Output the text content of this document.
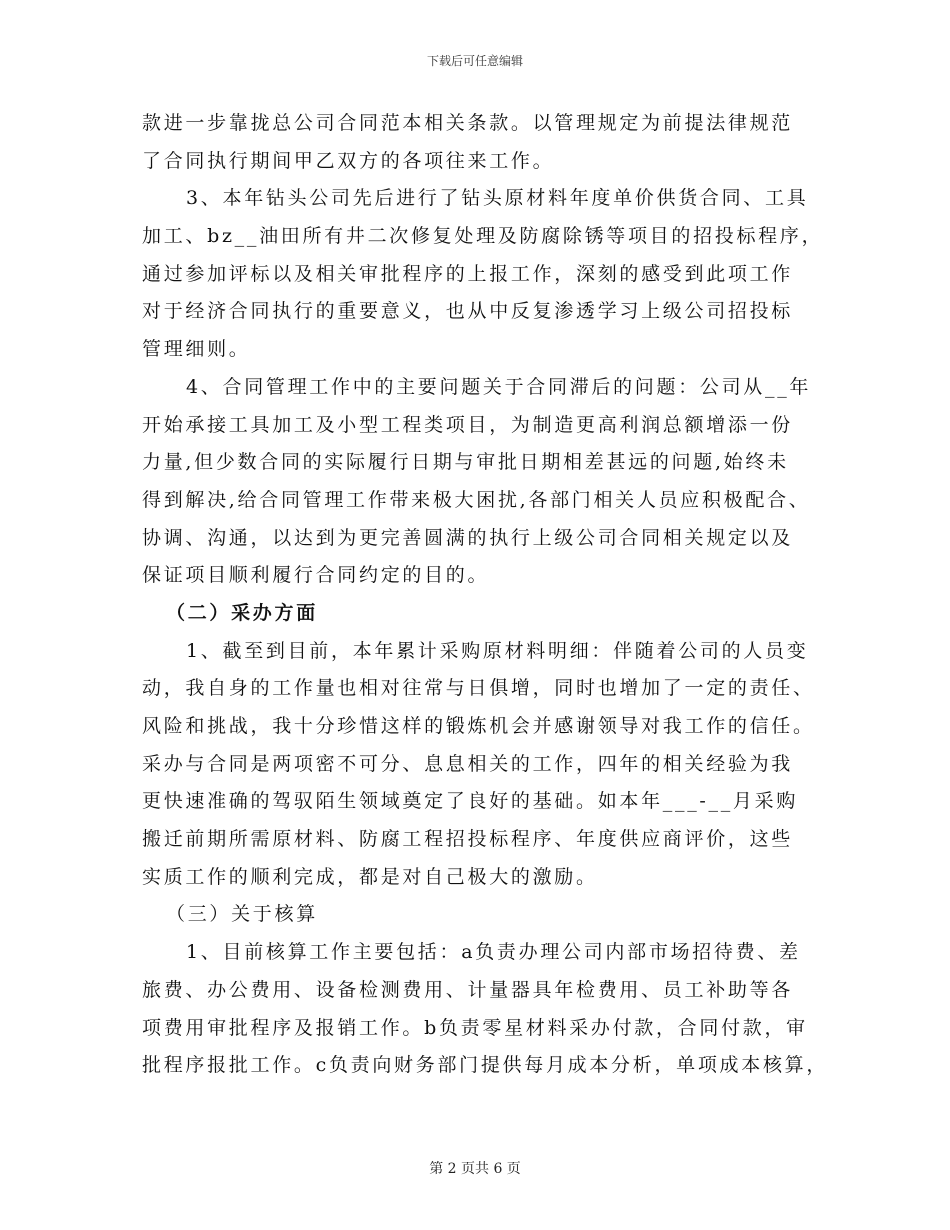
下载后可任意编辑
款进一步靠拢总公司合同范本相关条款。以管理规定为前提法律规范
了合同执行期间甲乙双方的各项往来工作。
3、本年钻头公司先后进行了钻头原材料年度单价供货合同、工具
加工、bz__油田所有井二次修复处理及防腐除锈等项目的招投标程序，
通过参加评标以及相关审批程序的上报工作，深刻的感受到此项工作
对于经济合同执行的重要意义，也从中反复渗透学习上级公司招投标
管理细则。
4、合同管理工作中的主要问题关于合同滞后的问题：公司从__年
开始承接工具加工及小型工程类项目，为制造更高利润总额增添一份
力量,但少数合同的实际履行日期与审批日期相差甚远的问题,始终未
得到解决,给合同管理工作带来极大困扰,各部门相关人员应积极配合、
协调、沟通，以达到为更完善圆满的执行上级公司合同相关规定以及
保证项目顺利履行合同约定的目的。
（二）采办方面
1、截至到目前，本年累计采购原材料明细：伴随着公司的人员变
动，我自身的工作量也相对往常与日俱增，同时也增加了一定的责任、
风险和挑战，我十分珍惜这样的锻炼机会并感谢领导对我工作的信任。
采办与合同是两项密不可分、息息相关的工作，四年的相关经验为我
更快速准确的驾驭陌生领域奠定了良好的基础。如本年___-__月采购
搬迁前期所需原材料、防腐工程招投标程序、年度供应商评价，这些
实质工作的顺利完成，都是对自己极大的激励。
（三）关于核算
1、目前核算工作主要包括：a负责办理公司内部市场招待费、差
旅费、办公费用、设备检测费用、计量器具年检费用、员工补助等各
项费用审批程序及报销工作。b负责零星材料采办付款，合同付款，审
批程序报批工作。c负责向财务部门提供每月成本分析，单项成本核算，
第 2 页共 6 页
